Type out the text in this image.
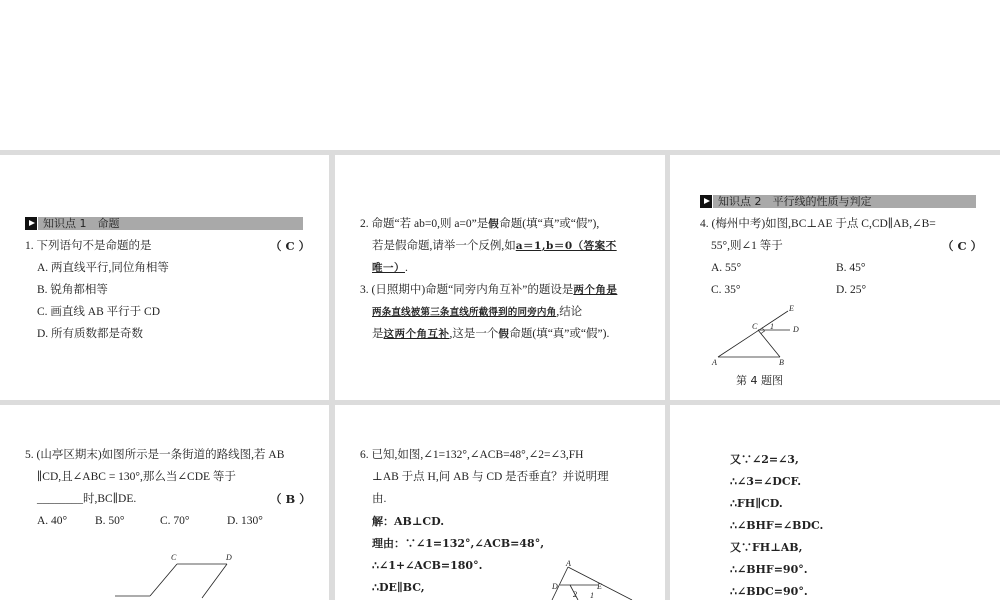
知识点 1　命题
1. 下列语句不是命题的是	（ C ）
A. 两直线平行,同位角相等
B. 锐角都相等
C. 画直线 AB 平行于 CD
D. 所有质数都是奇数
2. 命题“若 ab=0,则 a=0”是假命题(填“真”或“假”),
若是假命题,请举一个反例,如a＝1,b＝0（答案不
唯一）.
3. (日照期中)命题“同旁内角互补”的题设是两个角是
两条直线被第三条直线所截得到的同旁内角,结论
是这两个角互补,这是一个假命题(填“真”或“假”).
知识点 2　平行线的性质与判定
4. (梅州中考)如图,BC⊥AE 于点 C,CD∥AB,∠B=
55°,则∠1 等于	（ C ）
A. 55°	B. 45°
C. 35°	D. 25°
E
C 1 D
A	B
第 4 题图
5. (山亭区期末)如图所示是一条街道的路线图,若 AB
∥CD,且∠ABC = 130°,那么当∠CDE 等于
________时,BC∥DE.	（ B ）
A. 40° B. 50°	C. 70°	D. 130°
C	D
6. 已知,如图,∠1=132°,∠ACB=48°,∠2=∠3,FH
⊥AB 于点 H,问 AB 与 CD 是否垂直？并说明理
由.
解：AB⊥CD.
理由：∵∠1=132°,∠ACB=48°,
∴∠1+∠ACB=180°.
∴DE∥BC,
A
D	E
2 1
又∵∠2=∠3,
∴∠3=∠DCF.
∴FH∥CD.
∴∠BHF=∠BDC.
又∵FH⊥AB,
∴∠BHF=90°.
∴∠BDC=90°.
